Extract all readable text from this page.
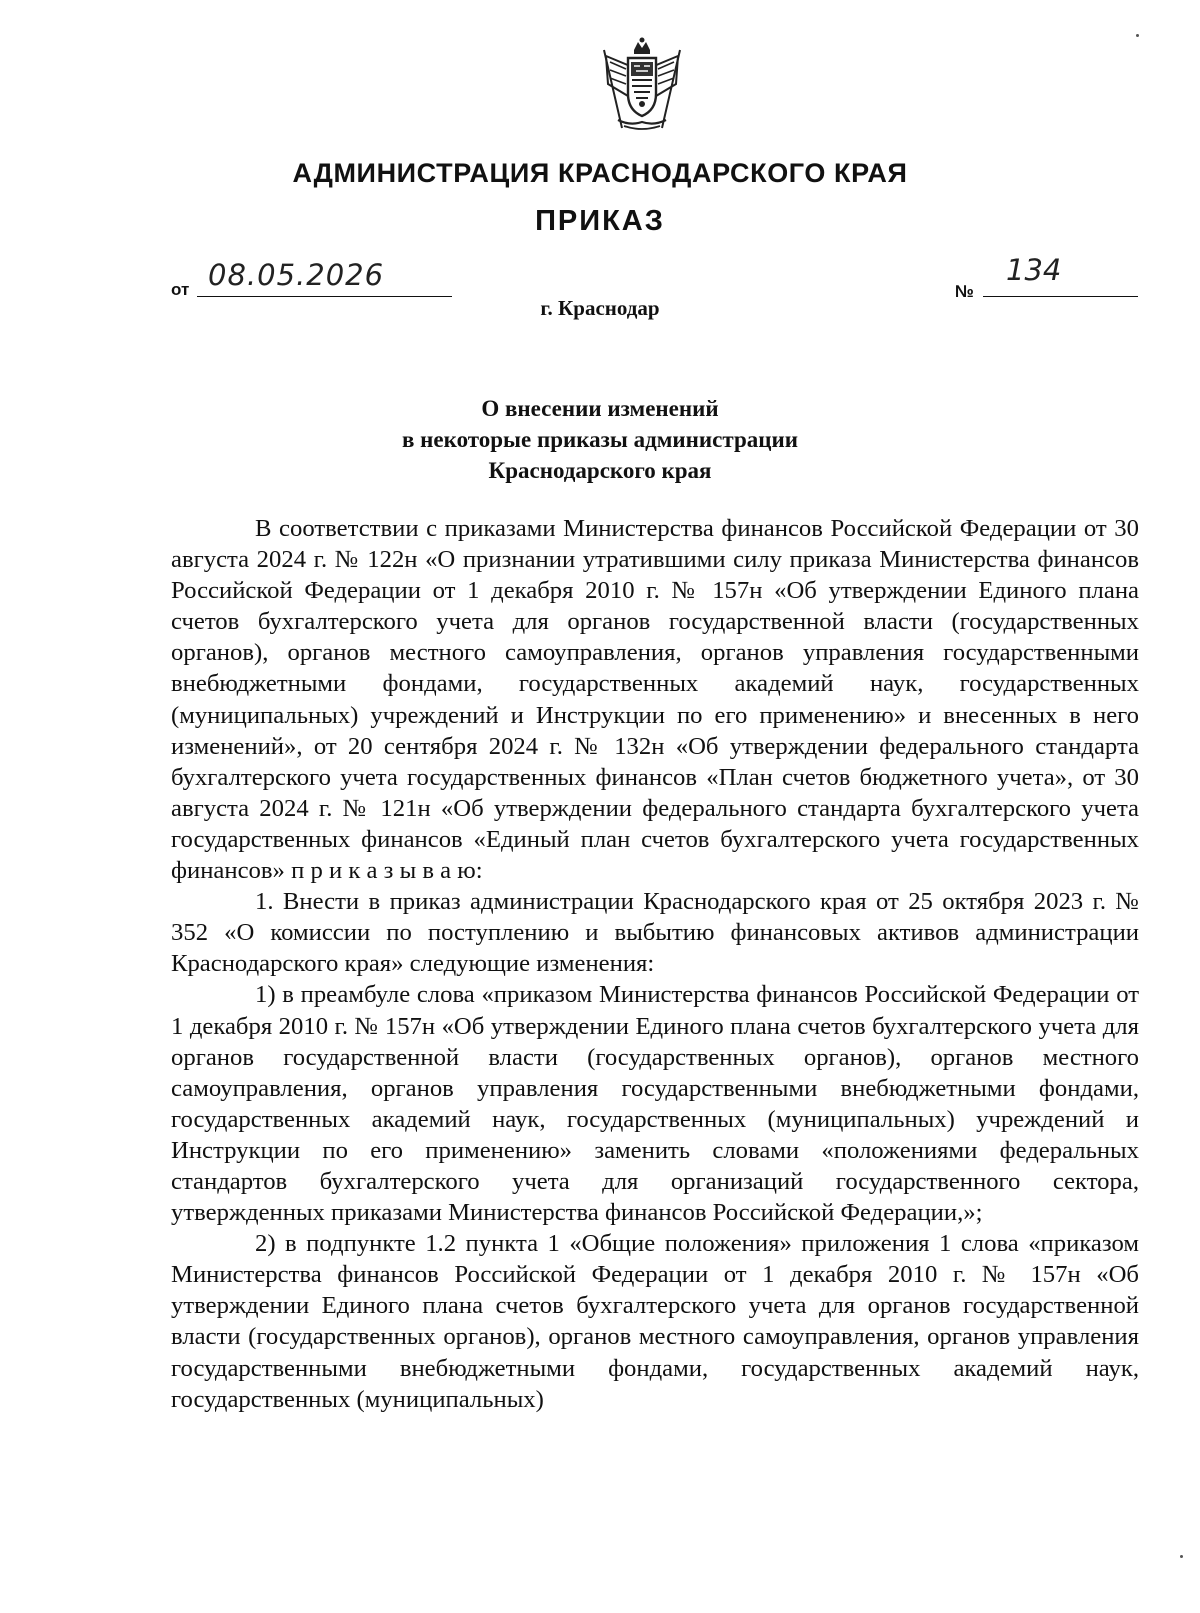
АДМИНИСТРАЦИЯ КРАСНОДАРСКОГО КРАЯ
ПРИКАЗ
от 08.05.2026	№
134
г. Краснодар
О внесении изменений
в некоторые приказы администрации
Краснодарского края

В соответствии с приказами Министерства финансов Российской Федерации от 30 августа 2024 г. № 122н «О признании утратившими силу приказа Министерства финансов Российской Федерации от 1 декабря 2010 г. № 157н «Об утверждении Единого плана счетов бухгалтерского учета для органов государственной власти (государственных органов), органов местного самоуправления, органов управления государственными внебюджетными фондами, государственных академий наук, государственных (муниципальных) учреждений и Инструкции по его применению» и внесенных в него изменений», от 20 сентября 2024 г. № 132н «Об утверждении федерального стандарта бухгалтерского учета государственных финансов «План счетов бюджетного учета», от 30 августа 2024 г. № 121н «Об утверждении федерального стандарта бухгалтерского учета государственных финансов «Единый план счетов бухгалтерского учета государственных финансов» п р и к а з ы в а ю:

1. Внести в приказ администрации Краснодарского края от 25 октября 2023 г. № 352 «О комиссии по поступлению и выбытию финансовых активов администрации Краснодарского края» следующие изменения:

1) в преамбуле слова «приказом Министерства финансов Российской Федерации от 1 декабря 2010 г. № 157н «Об утверждении Единого плана счетов бухгалтерского учета для органов государственной власти (государственных органов), органов местного самоуправления, органов управления государственными внебюджетными фондами, государственных академий наук, государственных (муниципальных) учреждений и Инструкции по его применению» заменить словами «положениями федеральных стандартов бухгалтерского учета для организаций государственного сектора, утвержденных приказами Министерства финансов Российской Федерации,»;

2) в подпункте 1.2 пункта 1 «Общие положения» приложения 1 слова «приказом Министерства финансов Российской Федерации от 1 декабря 2010 г. № 157н «Об утверждении Единого плана счетов бухгалтерского учета для органов государственной власти (государственных органов), органов местного самоуправления, органов управления государственными внебюджетными фондами, государственных академий наук, государственных (муниципальных)
